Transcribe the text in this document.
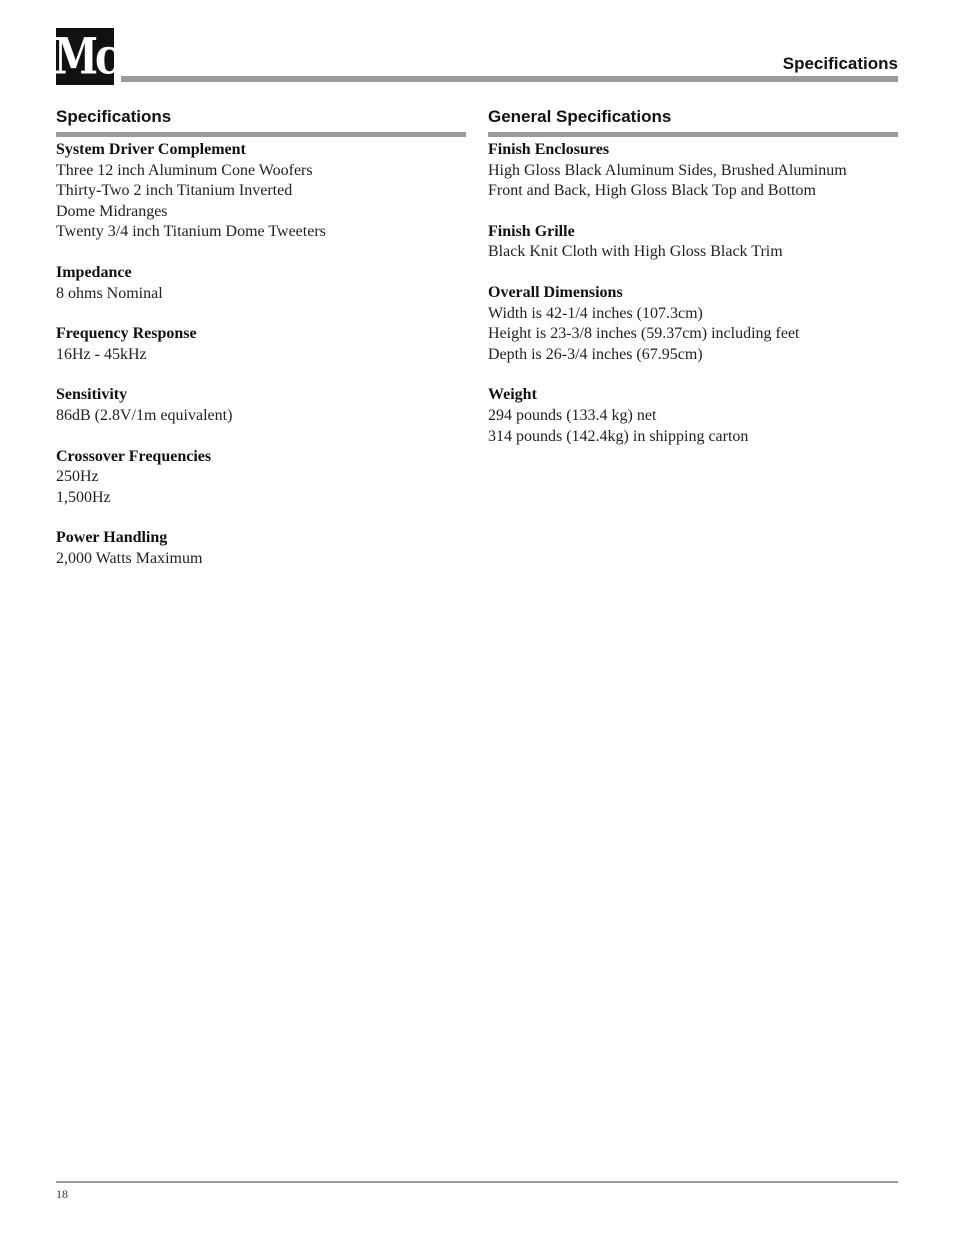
Mc	Specifications
Specifications
System Driver Complement
Three 12 inch Aluminum Cone Woofers
Thirty-Two 2 inch Titanium Inverted
Dome Midranges
Twenty 3/4 inch Titanium Dome Tweeters
Impedance
8 ohms Nominal
Frequency Response
16Hz - 45kHz
Sensitivity
86dB (2.8V/1m equivalent)
Crossover Frequencies
250Hz
1,500Hz
Power Handling
2,000 Watts Maximum
General Specifications
Finish Enclosures
High Gloss Black Aluminum Sides, Brushed Aluminum
Front and Back, High Gloss Black Top and Bottom
Finish Grille
Black Knit Cloth with High Gloss Black Trim
Overall Dimensions
Width is 42-1/4 inches (107.3cm)
Height is 23-3/8 inches (59.37cm) including feet
Depth is 26-3/4 inches (67.95cm)
Weight
294 pounds (133.4 kg) net
314 pounds (142.4kg) in shipping carton
18
